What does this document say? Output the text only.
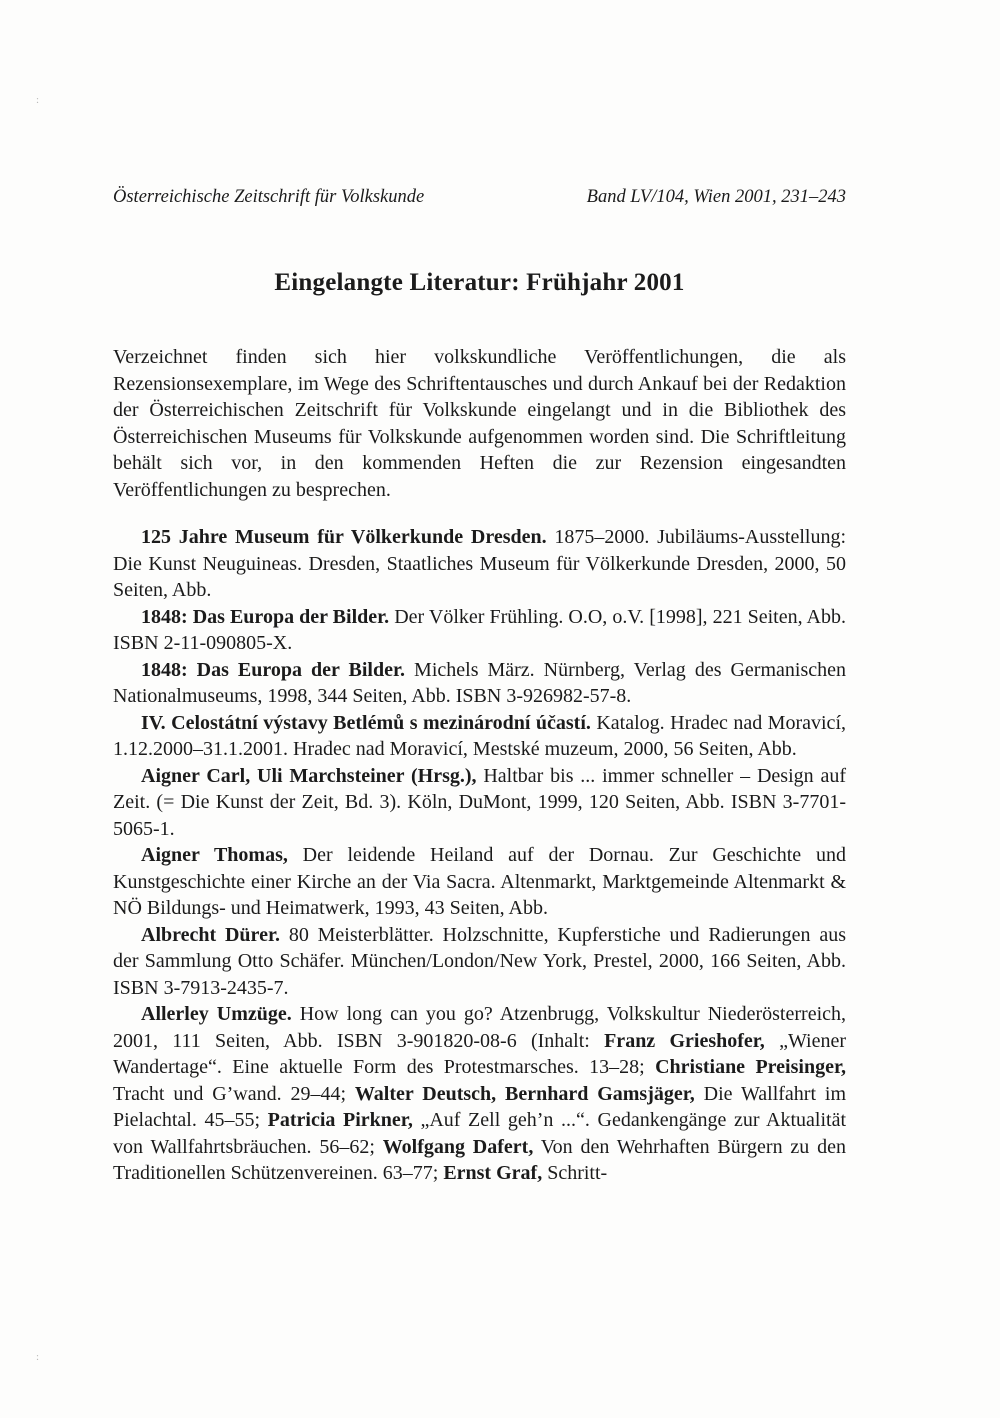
:
:
Österreichische Zeitschrift für Volkskunde	Band LV/104, Wien 2001, 231–243
Eingelangte Literatur: Frühjahr 2001

Verzeichnet finden sich hier volkskundliche Veröffentlichungen, die als Rezensionsexemplare, im Wege des Schriftentausches und durch Ankauf bei der Redaktion der Österreichischen Zeitschrift für Volkskunde eingelangt und in die Bibliothek des Österreichischen Museums für Volkskunde aufgenommen worden sind. Die Schriftleitung behält sich vor, in den kommenden Heften die zur Rezension eingesandten Veröffentlichungen zu besprechen.

125 Jahre Museum für Völkerkunde Dresden. 1875–2000. Jubiläums-Ausstellung: Die Kunst Neuguineas. Dresden, Staatliches Museum für Völkerkunde Dresden, 2000, 50 Seiten, Abb.

1848: Das Europa der Bilder. Der Völker Frühling. O.O, o.V. [1998], 221 Seiten, Abb. ISBN 2-11-090805-X.

1848: Das Europa der Bilder. Michels März. Nürnberg, Verlag des Germanischen Nationalmuseums, 1998, 344 Seiten, Abb. ISBN 3-926982-57-8.

IV. Celostátní výstavy Betlémů s mezinárodní účastí. Katalog. Hradec nad Moravicí, 1.12.2000–31.1.2001. Hradec nad Moravicí, Mestské muzeum, 2000, 56 Seiten, Abb.

Aigner Carl, Uli Marchsteiner (Hrsg.), Haltbar bis ... immer schneller – Design auf Zeit. (= Die Kunst der Zeit, Bd. 3). Köln, DuMont, 1999, 120 Seiten, Abb. ISBN 3-7701-5065-1.

Aigner Thomas, Der leidende Heiland auf der Dornau. Zur Geschichte und Kunstgeschichte einer Kirche an der Via Sacra. Altenmarkt, Marktgemeinde Altenmarkt & NÖ Bildungs- und Heimatwerk, 1993, 43 Seiten, Abb.

Albrecht Dürer. 80 Meisterblätter. Holzschnitte, Kupferstiche und Radierungen aus der Sammlung Otto Schäfer. München/London/New York, Prestel, 2000, 166 Seiten, Abb. ISBN 3-7913-2435-7.

Allerley Umzüge. How long can you go? Atzenbrugg, Volkskultur Niederösterreich, 2001, 111 Seiten, Abb. ISBN 3-901820-08-6 (Inhalt: Franz Grieshofer, „Wiener Wandertage“. Eine aktuelle Form des Protestmarsches. 13–28; Christiane Preisinger, Tracht und G’wand. 29–44; Walter Deutsch, Bernhard Gamsjäger, Die Wallfahrt im Pielachtal. 45–55; Patricia Pirkner, „Auf Zell geh’n ...“. Gedankengänge zur Aktualität von Wallfahrtsbräuchen. 56–62; Wolfgang Dafert, Von den Wehrhaften Bürgern zu den Traditionellen Schützenvereinen. 63–77; Ernst Graf, Schritt-
